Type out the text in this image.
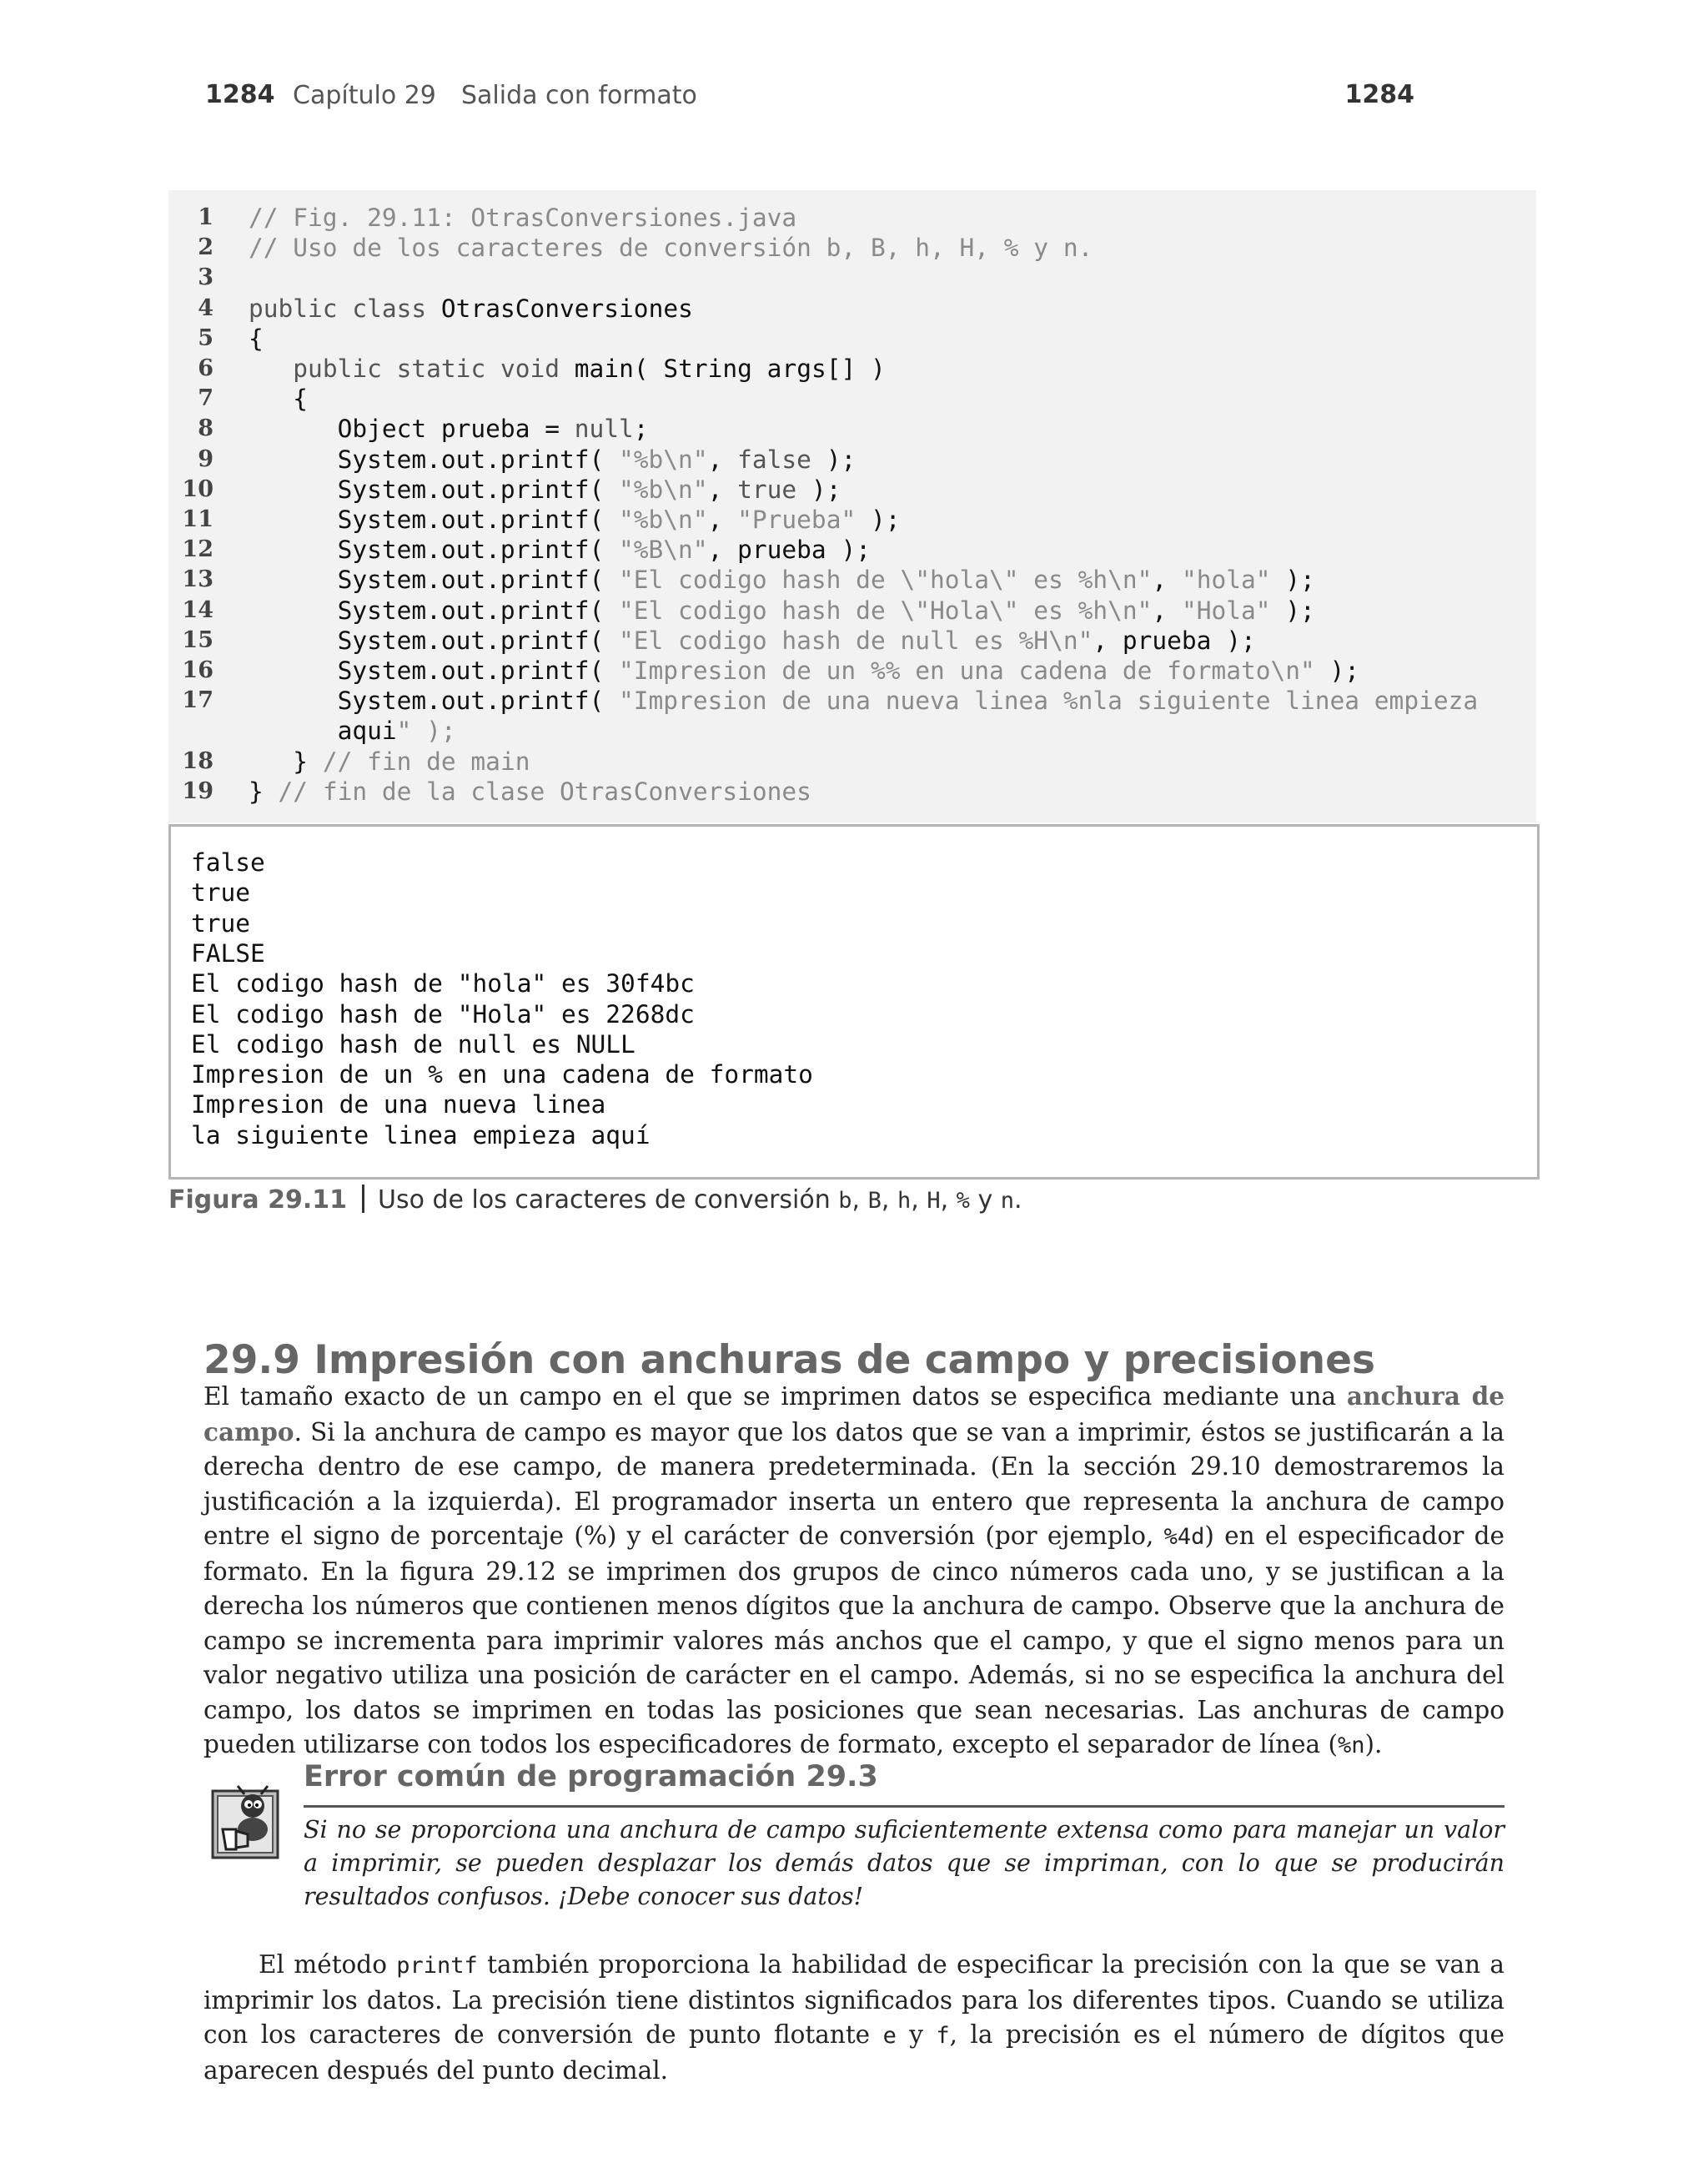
1284 Capítulo 29 Salida con formato	1284
1 // Fig. 29.11: OtrasConversiones.java
2 // Uso de los caracteres de conversión b, B, h, H, % y n.
3
4 public class OtrasConversiones
5 {
6	public static void main( String args[] )
7 {
8 Object prueba = null;
9 System.out.printf( "%b\n", false );
10 System.out.printf( "%b\n", true );
11 System.out.printf( "%b\n", "Prueba" );
12 System.out.printf( "%B\n", prueba );
13 System.out.printf( "El codigo hash de \"hola\" es %h\n", "hola" );
14 System.out.printf( "El codigo hash de \"Hola\" es %h\n", "Hola" );
15 System.out.printf( "El codigo hash de null es %H\n", prueba );
16 System.out.printf( "Impresion de un %% en una cadena de formato\n" );
17 System.out.printf( "Impresion de una nueva linea %nla siguiente linea empieza
aqui" );
18 } // fin de main
19 } // fin de la clase OtrasConversiones
false
true
true
FALSE
El codigo hash de "hola" es 30f4bc
El codigo hash de "Hola" es 2268dc
El codigo hash de null es NULL
Impresion de un % en una cadena de formato
Impresion de una nueva linea
la siguiente linea empieza aquí
Figura 29.11 Uso de los caracteres de conversión b, B, h, H, % y n.
29.9 Impresión con anchuras de campo y precisiones
El tamaño exacto de un campo en el que se imprimen datos se especifica mediante una anchura de campo. Si la anchura de campo es mayor que los datos que se van a imprimir, éstos se justificarán a la derecha dentro de ese campo, de manera predeterminada. (En la sección 29.10 demostraremos la justificación a la izquierda). El programador inserta un entero que representa la anchura de campo entre el signo de porcentaje (%) y el carácter de conversión (por ejemplo, %4d) en el especificador de formato. En la figura 29.12 se imprimen dos grupos de cinco números cada uno, y se justifican a la derecha los números que contienen menos dígitos que la anchura de campo. Observe que la anchura de campo se incrementa para imprimir valores más anchos que el campo, y que el signo menos para un valor negativo utiliza una posición de carácter en el campo. Además, si no se especifica la anchura del campo, los datos se imprimen en todas las posiciones que sean necesarias. Las anchuras de campo pueden utilizarse con todos los especificadores de formato, excepto el separador de línea (%n).
Error común de programación 29.3
Si no se proporciona una anchura de campo suficientemente extensa como para manejar un valor a imprimir, se pueden desplazar los demás datos que se impriman, con lo que se producirán resultados confusos. ¡Debe conocer sus datos!
El método printf también proporciona la habilidad de especificar la precisión con la que se van a imprimir los datos. La precisión tiene distintos significados para los diferentes tipos. Cuando se utiliza con los caracteres de conversión de punto flotante e y f, la precisión es el número de dígitos que aparecen después del punto decimal.
